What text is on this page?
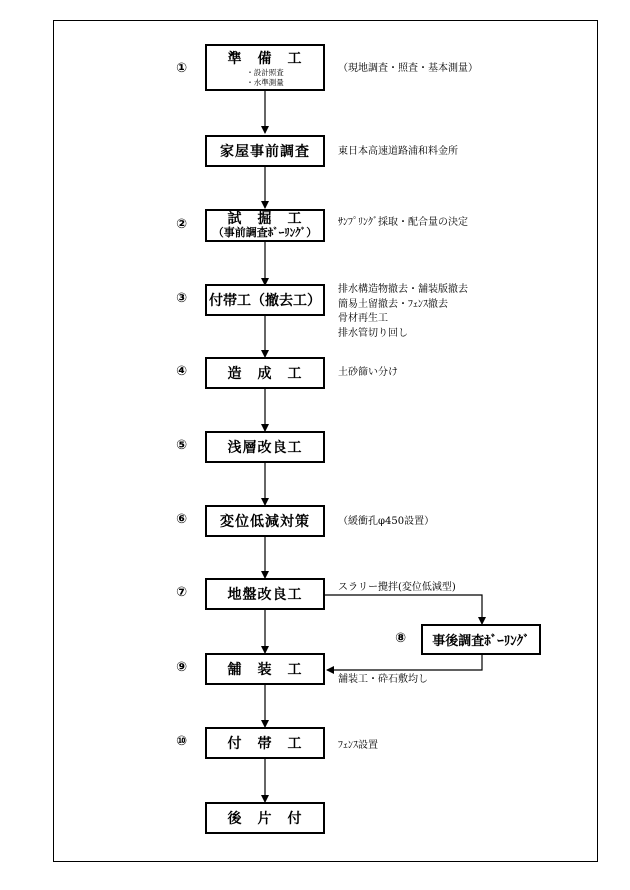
準　備　工
・設計照査
・水準測量
家屋事前調査
試　掘　工
（事前調査ﾎﾞｰﾘﾝｸﾞ）
付帯工（撤去工）
造　成　工
浅層改良工
変位低減対策
地盤改良工
舗　装　工
付　帯　工
後　片　付
事後調査ﾎﾞｰﾘﾝｸﾞ
①
②
③
④
⑤
⑥
⑦
⑨
⑩
⑧
（現地調査・照査・基本測量）
東日本高速道路浦和料金所
ｻﾝﾌﾟﾘﾝｸﾞ採取・配合量の決定
排水構造物撤去・舗装版撤去
簡易土留撤去・ﾌｪﾝｽ撤去
骨材再生工
排水管切り回し
土砂篩い分け
（緩衝孔φ450設置）
スラリー攪拌(変位低減型)
舗装工・砕石敷均し
ﾌｪﾝｽ設置
